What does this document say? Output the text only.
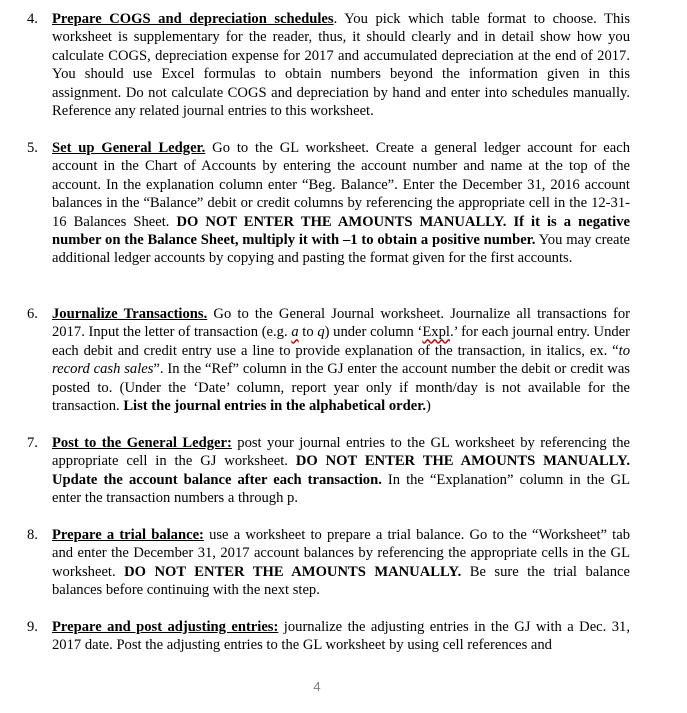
4. Prepare COGS and depreciation schedules. You pick which table format to choose. This worksheet is supplementary for the reader, thus, it should clearly and in detail show how you calculate COGS, depreciation expense for 2017 and accumulated depreciation at the end of 2017. You should use Excel formulas to obtain numbers beyond the information given in this assignment. Do not calculate COGS and depreciation by hand and enter into schedules manually. Reference any related journal entries to this worksheet.
5. Set up General Ledger. Go to the GL worksheet. Create a general ledger account for each account in the Chart of Accounts by entering the account number and name at the top of the account. In the explanation column enter “Beg. Balance”. Enter the December 31, 2016 account balances in the “Balance” debit or credit columns by referencing the appropriate cell in the 12-31-16 Balances Sheet. DO NOT ENTER THE AMOUNTS MANUALLY. If it is a negative number on the Balance Sheet, multiply it with –1 to obtain a positive number. You may create additional ledger accounts by copying and pasting the format given for the first accounts.
6. Journalize Transactions. Go to the General Journal worksheet. Journalize all transactions for 2017. Input the letter of transaction (e.g. a to q) under column ‘Expl.’ for each journal entry. Under each debit and credit entry use a line to provide explanation of the transaction, in italics, ex. “to record cash sales”. In the “Ref” column in the GJ enter the account number the debit or credit was posted to. (Under the ‘Date’ column, report year only if month/day is not available for the transaction. List the journal entries in the alphabetical order.)
7. Post to the General Ledger: post your journal entries to the GL worksheet by referencing the appropriate cell in the GJ worksheet. DO NOT ENTER THE AMOUNTS MANUALLY. Update the account balance after each transaction. In the “Explanation” column in the GL enter the transaction numbers a through p.
8. Prepare a trial balance: use a worksheet to prepare a trial balance. Go to the “Worksheet” tab and enter the December 31, 2017 account balances by referencing the appropriate cells in the GL worksheet. DO NOT ENTER THE AMOUNTS MANUALLY. Be sure the trial balance balances before continuing with the next step.
9. Prepare and post adjusting entries: journalize the adjusting entries in the GJ with a Dec. 31, 2017 date. Post the adjusting entries to the GL worksheet by using cell references and
4
